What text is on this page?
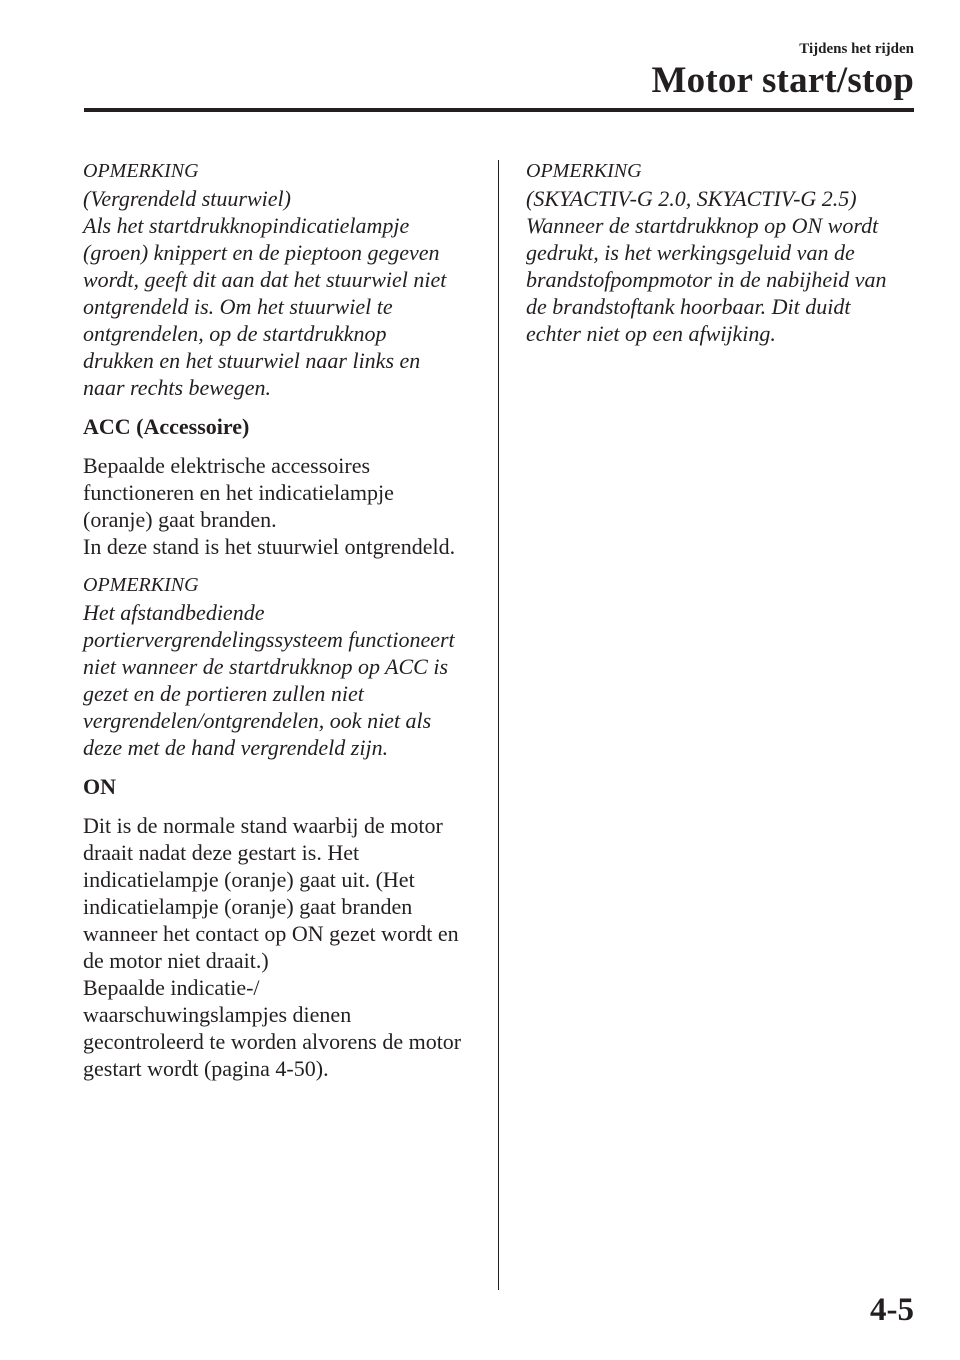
Tijdens het rijden
Motor start/stop

OPMERKING

(Vergrendeld stuurwiel)

Als het startdrukknopindicatielampje

(groen) knippert en de pieptoon gegeven

wordt, geeft dit aan dat het stuurwiel niet

ontgrendeld is. Om het stuurwiel te

ontgrendelen, op de startdrukknop

drukken en het stuurwiel naar links en

naar rechts bewegen.

ACC (Accessoire)

Bepaalde elektrische accessoires

functioneren en het indicatielampje

(oranje) gaat branden.

In deze stand is het stuurwiel ontgrendeld.

OPMERKING

Het afstandbediende

portiervergrendelingssysteem functioneert

niet wanneer de startdrukknop op ACC is

gezet en de portieren zullen niet

vergrendelen/ontgrendelen, ook niet als

deze met de hand vergrendeld zijn.

ON

Dit is de normale stand waarbij de motor

draait nadat deze gestart is. Het

indicatielampje (oranje) gaat uit. (Het

indicatielampje (oranje) gaat branden

wanneer het contact op ON gezet wordt en

de motor niet draait.)

Bepaalde indicatie-/

waarschuwingslampjes dienen

gecontroleerd te worden alvorens de motor

gestart wordt (pagina 4-50).

OPMERKING

(SKYACTIV-G 2.0, SKYACTIV-G 2.5)

Wanneer de startdrukknop op ON wordt

gedrukt, is het werkingsgeluid van de

brandstofpompmotor in de nabijheid van

de brandstoftank hoorbaar. Dit duidt

echter niet op een afwijking.

4-5
